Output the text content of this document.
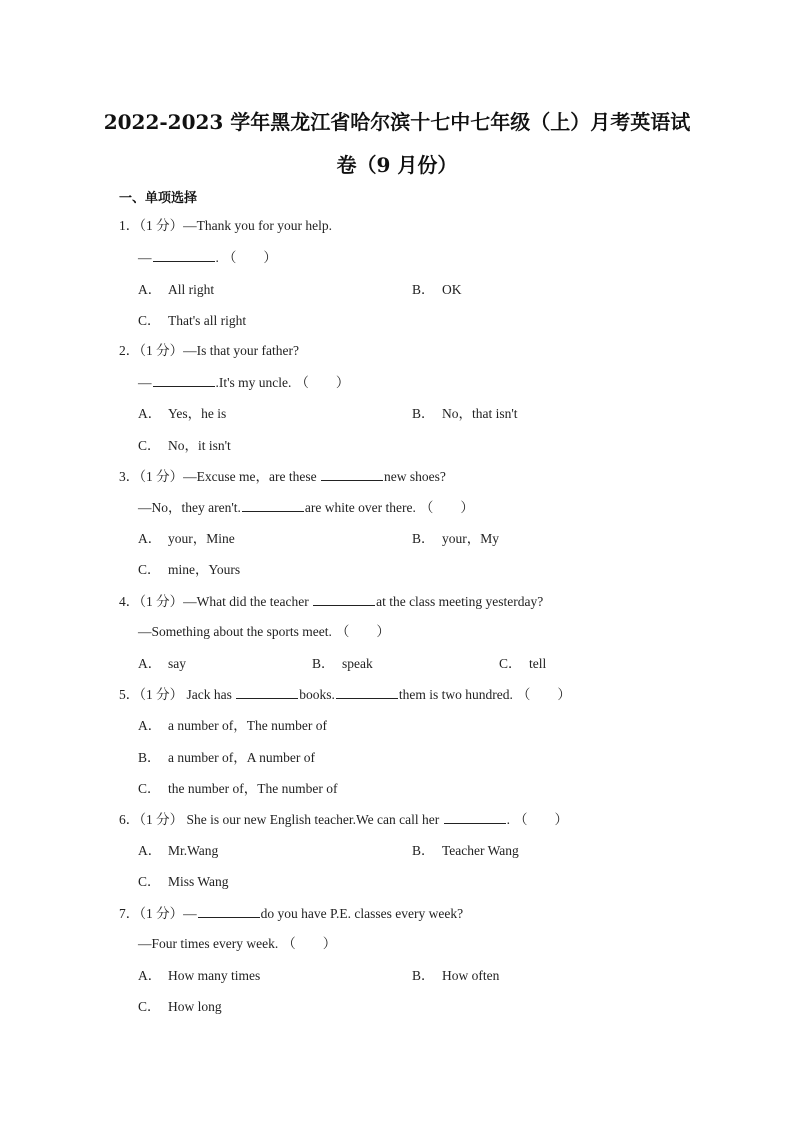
2022-2023 学年黑龙江省哈尔滨十七中七年级（上）月考英语试
卷（9 月份）
一、单项选择
1．（1 分）—Thank you for your help.
—	. （　　）
A． All right	B． OK
C． That's all right
2．（1 分）—Is that your father?
—	.It's my uncle. （　　）
A． Yes，he is	B． No，that isn't
C． No，it isn't
3．（1 分）—Excuse me，are these	new shoes?
—No，they aren't.	are white over there. （　　）
A． your，Mine	B． your，My
C． mine，Yours
4．（1 分）—What did the teacher	at the class meeting yesterday?
—Something about the sports meet. （　　）
A． say	B． speak	C． tell
5．（1 分） Jack has	books.	them is two hundred. （　　）
A． a number of，The number of
B． a number of，A number of
C． the number of，The number of
6．（1 分） She is our new English teacher.We can call her	. （　　）
A． Mr.Wang	B． Teacher Wang
C． Miss Wang
7．（1 分）—	do you have P.E. classes every week?
—Four times every week. （　　）
A． How many times	B． How often
C． How long
